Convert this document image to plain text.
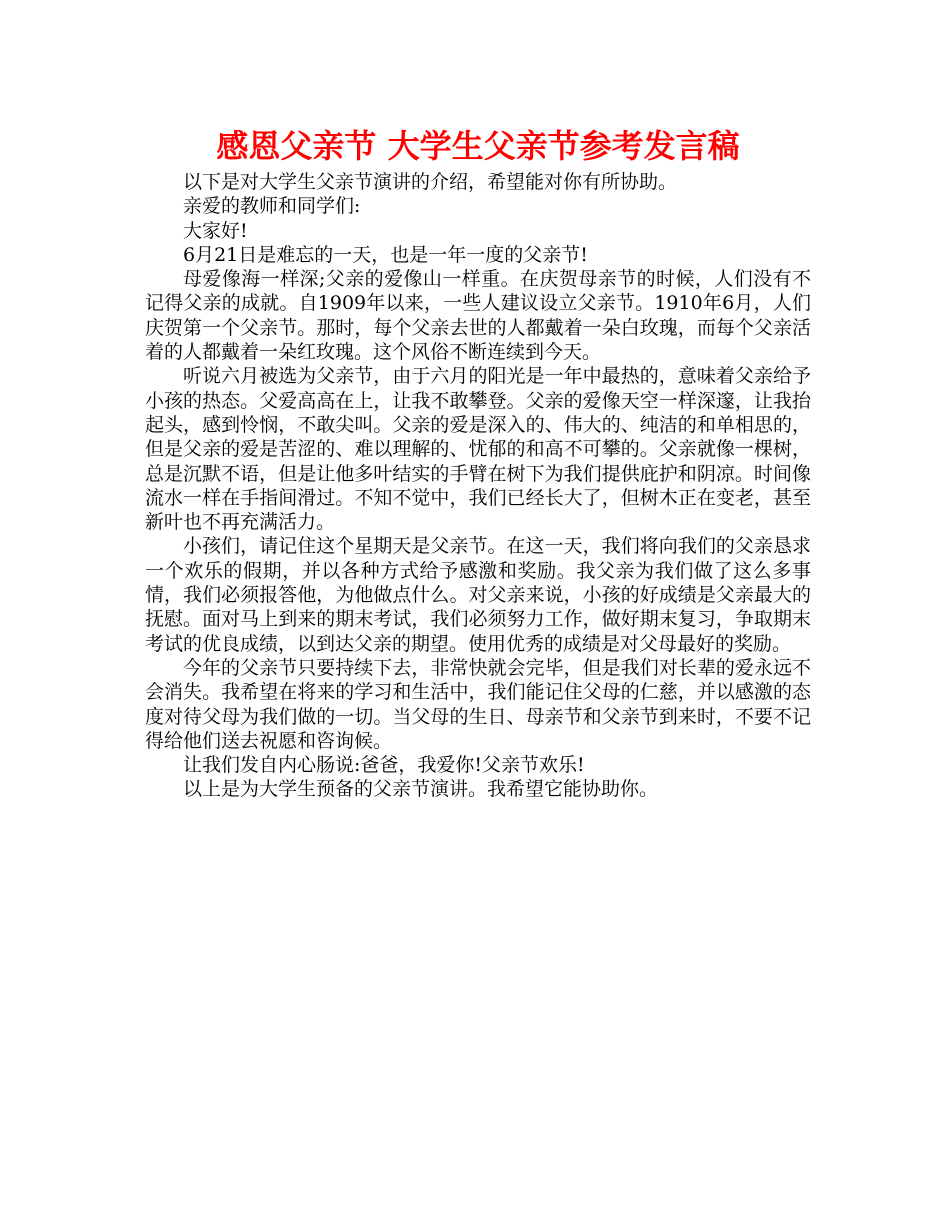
感恩父亲节 大学生父亲节参考发言稿

以下是对大学生父亲节演讲的介绍，希望能对你有所协助。

亲爱的教师和同学们:

大家好!

6月21日是难忘的一天，也是一年一度的父亲节!

母爱像海一样深;父亲的爱像山一样重。在庆贺母亲节的时候，人们没有不记得父亲的成就。自1909年以来，一些人建议设立父亲节。1910年6月，人们庆贺第一个父亲节。那时，每个父亲去世的人都戴着一朵白玫瑰，而每个父亲活着的人都戴着一朵红玫瑰。这个风俗不断连续到今天。

听说六月被选为父亲节，由于六月的阳光是一年中最热的，意味着父亲给予小孩的热态。父爱高高在上，让我不敢攀登。父亲的爱像天空一样深邃，让我抬起头，感到怜悯，不敢尖叫。父亲的爱是深入的、伟大的、纯洁的和单相思的，但是父亲的爱是苦涩的、难以理解的、忧郁的和高不可攀的。父亲就像一棵树，总是沉默不语，但是让他多叶结实的手臂在树下为我们提供庇护和阴凉。时间像流水一样在手指间滑过。不知不觉中，我们已经长大了，但树木正在变老，甚至新叶也不再充满活力。

小孩们，请记住这个星期天是父亲节。在这一天，我们将向我们的父亲恳求一个欢乐的假期，并以各种方式给予感激和奖励。我父亲为我们做了这么多事情，我们必须报答他，为他做点什么。对父亲来说，小孩的好成绩是父亲最大的抚慰。面对马上到来的期末考试，我们必须努力工作，做好期末复习，争取期末考试的优良成绩，以到达父亲的期望。使用优秀的成绩是对父母最好的奖励。

今年的父亲节只要持续下去，非常快就会完毕，但是我们对长辈的爱永远不会消失。我希望在将来的学习和生活中，我们能记住父母的仁慈，并以感激的态度对待父母为我们做的一切。当父母的生日、母亲节和父亲节到来时，不要不记得给他们送去祝愿和咨询候。

让我们发自内心肠说:爸爸，我爱你!父亲节欢乐!

以上是为大学生预备的父亲节演讲。我希望它能协助你。
